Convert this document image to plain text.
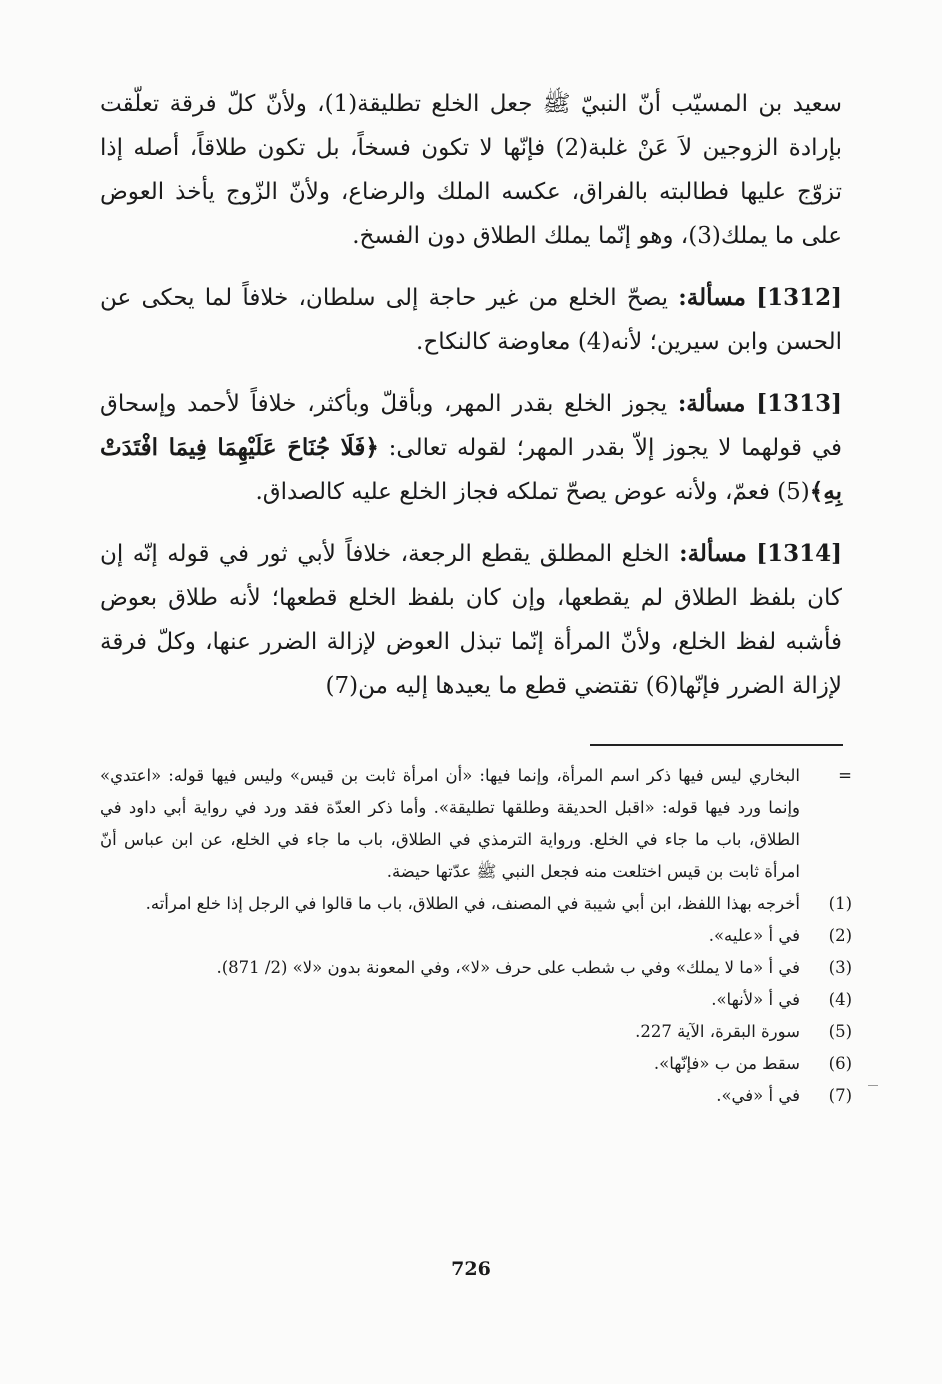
سعيد بن المسيّب أنّ النبيّ ﷺ جعل الخلع تطليقة(1)، ولأنّ كلّ فرقة تعلّقت بإرادة الزوجين لاَ عَنْ غلبة(2) فإنّها لا تكون فسخاً، بل تكون طلاقاً، أصله إذا تزوّج عليها فطالبته بالفراق، عكسه الملك والرضاع، ولأنّ الزّوج يأخذ العوض على ما يملك(3)، وهو إنّما يملك الطلاق دون الفسخ.

[1312] مسألة: يصحّ الخلع من غير حاجة إلى سلطان، خلافاً لما يحكى عن الحسن وابن سيرين؛ لأنه(4) معاوضة كالنكاح.

[1313] مسألة: يجوز الخلع بقدر المهر، وبأقلّ وبأكثر، خلافاً لأحمد وإسحاق في قولهما لا يجوز إلاّ بقدر المهر؛ لقوله تعالى: ﴿فَلَا جُنَاحَ عَلَيْهِمَا فِيمَا افْتَدَتْ بِهِ﴾(5) فعمّ، ولأنه عوض يصحّ تملكه فجاز الخلع عليه كالصداق.

[1314] مسألة: الخلع المطلق يقطع الرجعة، خلافاً لأبي ثور في قوله إنّه إن كان بلفظ الطلاق لم يقطعها، وإن كان بلفظ الخلع قطعها؛ لأنه طلاق بعوض فأشبه لفظ الخلع، ولأنّ المرأة إنّما تبذل العوض لإزالة الضرر عنها، وكلّ فرقة لإزالة الضرر فإنّها(6) تقتضي قطع ما يعيدها إليه من(7)

=
البخاري ليس فيها ذكر اسم المرأة، وإنما فيها: «أن امرأة ثابت بن قيس» وليس فيها قوله: «اعتدي» وإنما ورد فيها قوله: «اقبل الحديقة وطلقها تطليقة». وأما ذكر العدّة فقد ورد في رواية أبي داود في الطلاق، باب ما جاء في الخلع. ورواية الترمذي في الطلاق، باب ما جاء في الخلع، عن ابن عباس أنّ امرأة ثابت بن قيس اختلعت منه فجعل النبي ﷺ عدّتها حيضة.
(1)
أخرجه بهذا اللفظ، ابن أبي شيبة في المصنف، في الطلاق، باب ما قالوا في الرجل إذا خلع امرأته.
(2)
في أ «عليه».
(3)
في أ «ما لا يملك» وفي ب شطب على حرف «لا»، وفي المعونة بدون «لا» (2/ 871).
(4)
في أ «لأنها».
(5)
سورة البقرة، الآية 227.
(6)
سقط من ب «فإنّها».
(7)
في أ «في».
726
